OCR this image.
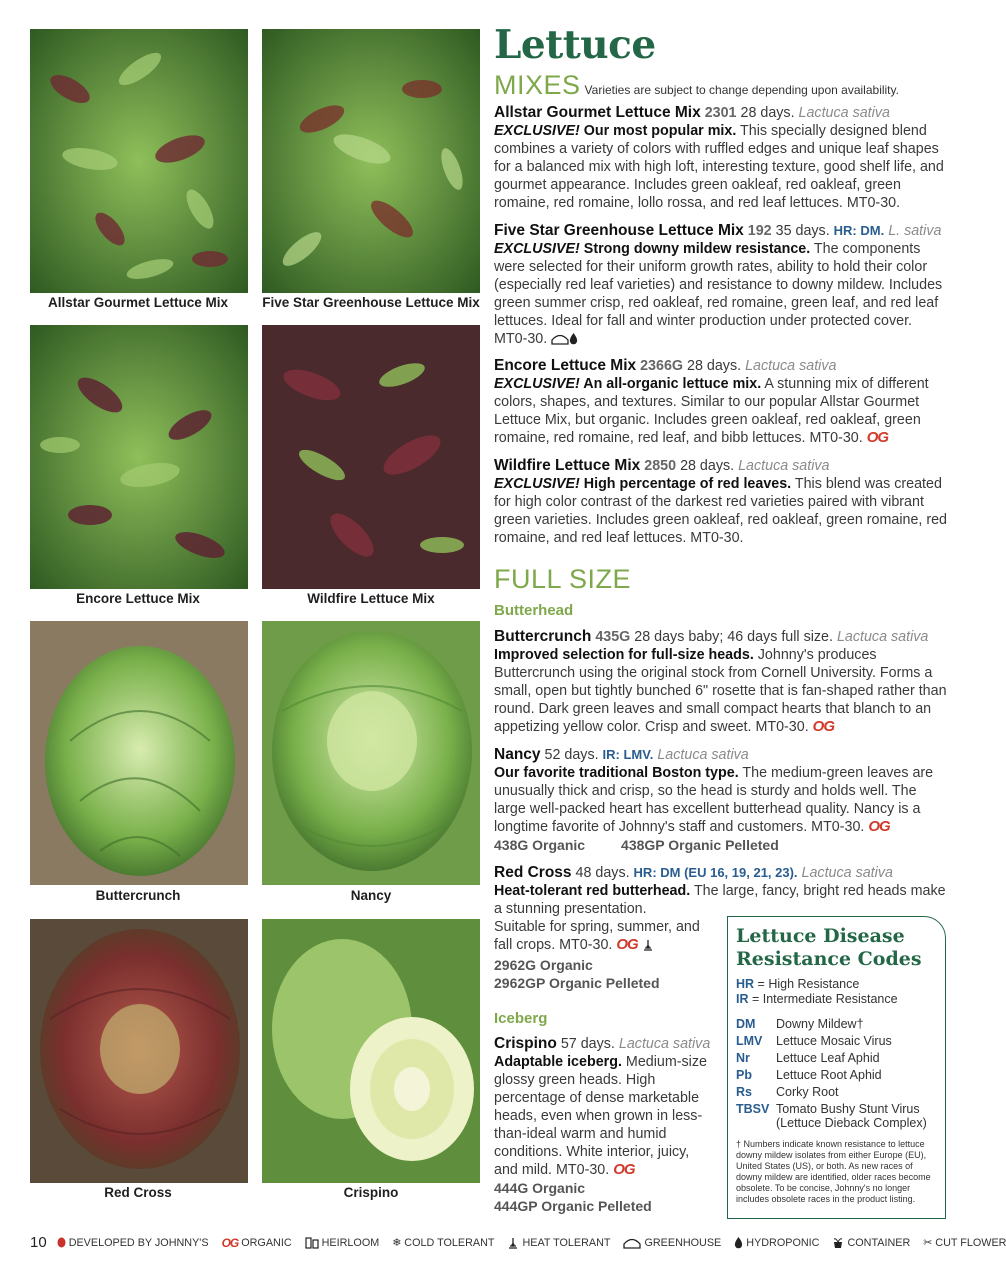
Allstar Gourmet Lettuce Mix	Five Star Greenhouse Lettuce Mix
Encore Lettuce Mix	Wildfire Lettuce Mix
Buttercrunch	Nancy
Red Cross	Crispino
Lettuce
MIXES Varieties are subject to change depending upon availability.
Allstar Gourmet Lettuce Mix 2301 28 days. Lactuca sativa
EXCLUSIVE! Our most popular mix. This specially designed blend combines a variety of colors with ruffled edges and unique leaf shapes for a balanced mix with high loft, interesting texture, good shelf life, and gourmet appearance. Includes green oakleaf, red oakleaf, green romaine, red romaine, lollo rossa, and red leaf lettuces. MT0-30.
Five Star Greenhouse Lettuce Mix 192 35 days. HR: DM. L. sativa
EXCLUSIVE! Strong downy mildew resistance. The components were selected for their uniform growth rates, ability to hold their color (especially red leaf varieties) and resistance to downy mildew. Includes green summer crisp, red oakleaf, red romaine, green leaf, and red leaf lettuces. Ideal for fall and winter production under protected cover. MT0-30.
Encore Lettuce Mix 2366G 28 days. Lactuca sativa
EXCLUSIVE! An all-organic lettuce mix. A stunning mix of different colors, shapes, and textures. Similar to our popular Allstar Gourmet Lettuce Mix, but organic. Includes green oakleaf, red oakleaf, green romaine, red romaine, red leaf, and bibb lettuces. MT0-30. OG
Wildfire Lettuce Mix 2850 28 days. Lactuca sativa
EXCLUSIVE! High percentage of red leaves. This blend was created for high color contrast of the darkest red varieties paired with vibrant green varieties. Includes green oakleaf, red oakleaf, green romaine, red romaine, and red leaf lettuces. MT0-30.
FULL SIZE
Butterhead
Buttercrunch 435G 28 days baby; 46 days full size. Lactuca sativa
Improved selection for full-size heads. Johnny's produces Buttercrunch using the original stock from Cornell University. Forms a small, open but tightly bunched 6" rosette that is fan-shaped rather than round. Dark green leaves and small compact hearts that blanch to an appetizing yellow color. Crisp and sweet. MT0-30. OG
Nancy 52 days. IR: LMV. Lactuca sativa
Our favorite traditional Boston type. The medium-green leaves are unusually thick and crisp, so the head is sturdy and holds well. The large well-packed heart has excellent butterhead quality. Nancy is a longtime favorite of Johnny's staff and customers. MT0-30. OG
438G Organic	438GP Organic Pelleted
Red Cross 48 days. HR: DM (EU 16, 19, 21, 23). Lactuca sativa
Heat-tolerant red butterhead. The large, fancy, bright red heads make a stunning presentation.
Suitable for spring, summer, and fall crops. MT0-30. OG
2962G Organic
2962GP Organic Pelleted
Iceberg
Crispino 57 days. Lactuca sativa
Adaptable iceberg. Medium-size glossy green heads. High percentage of dense marketable heads, even when grown in less-than-ideal warm and humid conditions. White interior, juicy, and mild. MT0-30. OG
444G Organic
444GP Organic Pelleted
Lettuce Disease
Resistance Codes
HR = High Resistance
IR = Intermediate Resistance
DM	Downy Mildew†
LMV	Lettuce Mosaic Virus
Nr	Lettuce Leaf Aphid
Pb	Lettuce Root Aphid
Rs	Corky Root
TBSV	Tomato Bushy Stunt Virus (Lettuce Dieback Complex)
† Numbers indicate known resistance to lettuce downy mildew isolates from either Europe (EU), United States (US), or both. As new races of downy mildew are identified, older races become obsolete. To be concise, Johnny's no longer includes obsolete races in the product listing.
10 DEVELOPED BY JOHNNY'S OG ORGANIC	HEIRLOOM ❄ COLD TOLERANT	HEAT TOLERANT	GREENHOUSE HYDROPONIC	CONTAINER ✂ CUT FLOWER
